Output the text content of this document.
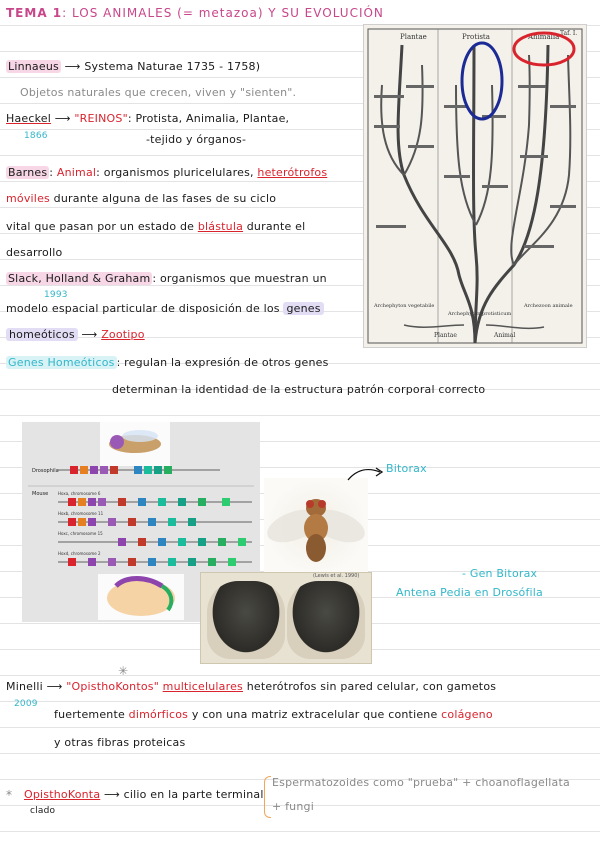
TEMA 1: LOS ANIMALES (= metazoa) Y SU EVOLUCIÓN
Linnaeus ⟶ Systema Naturae 1735 - 1758)
Objetos naturales que crecen, viven y "sienten".
Haeckel ⟶ "REINOS": Protista, Animalia, Plantae,
1866	-tejido y órganos-
Barnes : Animal: organismos pluricelulares, heterótrofos
móviles durante alguna de las fases de su ciclo
vital que pasan por un estado de blástula durante el
desarrollo
Slack, Holland & Graham : organismos que muestran un
1993
modelo espacial particular de disposición de los genes
homeóticos ⟶ Zootipo
Genes Homeóticos : regulan la expresión de otros genes
determinan la identidad de la estructura patrón corporal correcto
Plantae	Protista	Animalia Taf. I.
Archephyton vegetabile
Archephyton protisticum
Archezoon animale
Plantae	Animal
Drosophila
Mouse Hoxa, chromosome 6
Hoxb, chromosome 11
Hoxc, chromosome 15
Hoxd, chromosome 2
(Lewis et al. 1990)
Bitorax
- Gen Bitorax
Antena Pedia en Drosófila
✳
Minelli ⟶ "OpisthoKontos" multicelulares heterótrofos sin pared celular, con gametos
2009
fuertemente dimórficos y con una matriz extracelular que contiene colágeno
y otras fibras proteicas
* OpisthoKonta ⟶ cilio en la parte terminal
clado
Espermatozoides como "prueba" + choanoflagellata
+ fungi
